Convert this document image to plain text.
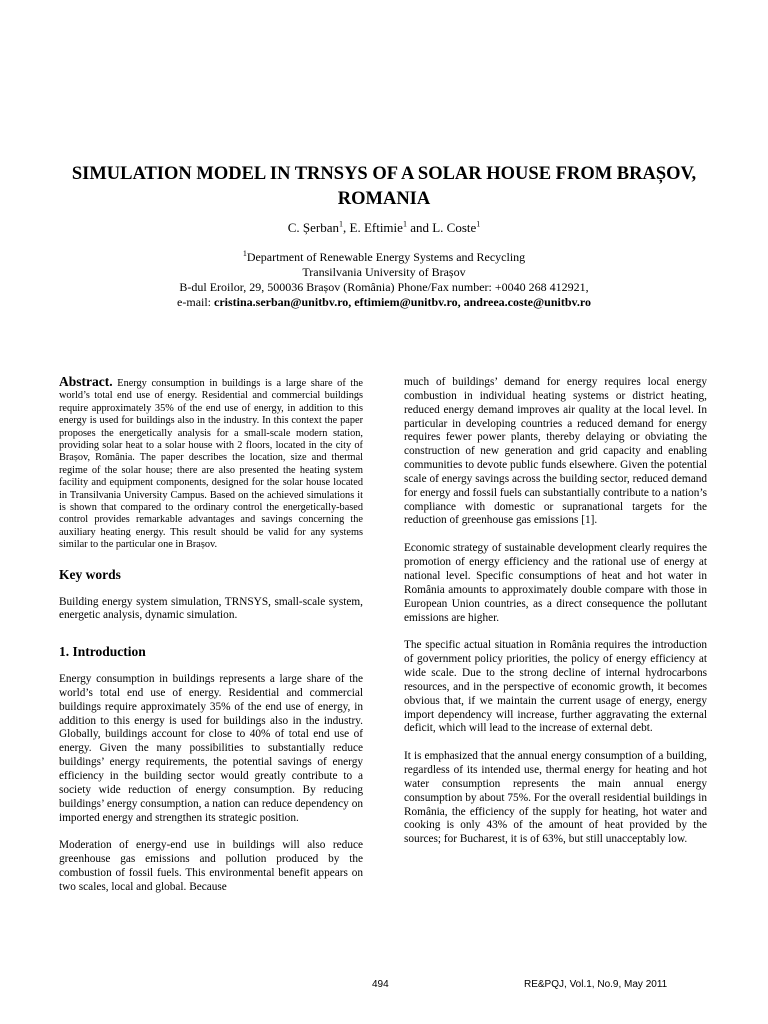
SIMULATION MODEL IN TRNSYS OF A SOLAR HOUSE FROM BRAȘOV,
ROMANIA
C. Șerban$^1$, E. Eftimie$^1$ and L. Coste$^1$
$^1$Department of Renewable Energy Systems and Recycling
Transilvania University of Brașov
B-dul Eroilor, 29, 500036 Brașov (România) Phone/Fax number: +0040 268 412921,
e-mail: cristina.serban@unitbv.ro, eftimiem@unitbv.ro, andreea.coste@unitbv.ro

Abstract. Energy consumption in buildings is a large share of the world’s total end use of energy. Residential and commercial buildings require approximately 35% of the end use of energy, in addition to this energy is used for buildings also in the industry. In this context the paper proposes the energetically analysis for a small-scale modern station, providing solar heat to a solar house with 2 floors, located in the city of Brașov, România. The paper describes the location, size and thermal regime of the solar house; there are also presented the heating system facility and equipment components, designed for the solar house located in Transilvania University Campus. Based on the achieved simulations it is shown that compared to the ordinary control the energetically-based control provides remarkable advantages and savings concerning the auxiliary heating energy. This result should be valid for any systems similar to the particular one in Brașov.

Key words

Building energy system simulation, TRNSYS, small-scale system, energetic analysis, dynamic simulation.

1. Introduction

Energy consumption in buildings represents a large share of the world’s total end use of energy. Residential and commercial buildings require approximately 35% of the end use of energy, in addition to this energy is used for buildings also in the industry. Globally, buildings account for close to 40% of total end use of energy. Given the many possibilities to substantially reduce buildings’ energy requirements, the potential savings of energy efficiency in the building sector would greatly contribute to a society wide reduction of energy consumption. By reducing buildings’ energy consumption, a nation can reduce dependency on imported energy and strengthen its strategic position.

Moderation of energy-end use in buildings will also reduce greenhouse gas emissions and pollution produced by the combustion of fossil fuels. This environmental benefit appears on two scales, local and global. Because

much of buildings’ demand for energy requires local energy combustion in individual heating systems or district heating, reduced energy demand improves air quality at the local level. In particular in developing countries a reduced demand for energy requires fewer power plants, thereby delaying or obviating the construction of new generation and grid capacity and enabling communities to devote public funds elsewhere. Given the potential scale of energy savings across the building sector, reduced demand for energy and fossil fuels can substantially contribute to a nation’s compliance with domestic or supranational targets for the reduction of greenhouse gas emissions [1].

Economic strategy of sustainable development clearly requires the promotion of energy efficiency and the rational use of energy at national level. Specific consumptions of heat and hot water in România amounts to approximately double compare with those in European Union countries, as a direct consequence the pollutant emissions are higher.

The specific actual situation in România requires the introduction of government policy priorities, the policy of energy efficiency at wide scale. Due to the strong decline of internal hydrocarbons resources, and in the perspective of economic growth, it becomes obvious that, if we maintain the current usage of energy, energy import dependency will increase, further aggravating the external deficit, which will lead to the increase of external debt.

It is emphasized that the annual energy consumption of a building, regardless of its intended use, thermal energy for heating and hot water consumption represents the main annual energy consumption by about 75%. For the overall residential buildings in România, the efficiency of the supply for heating, hot water and cooking is only 43% of the amount of heat provided by the sources; for Bucharest, it is of 63%, but still unacceptably low.

494	RE&PQJ, Vol.1, No.9, May 2011
